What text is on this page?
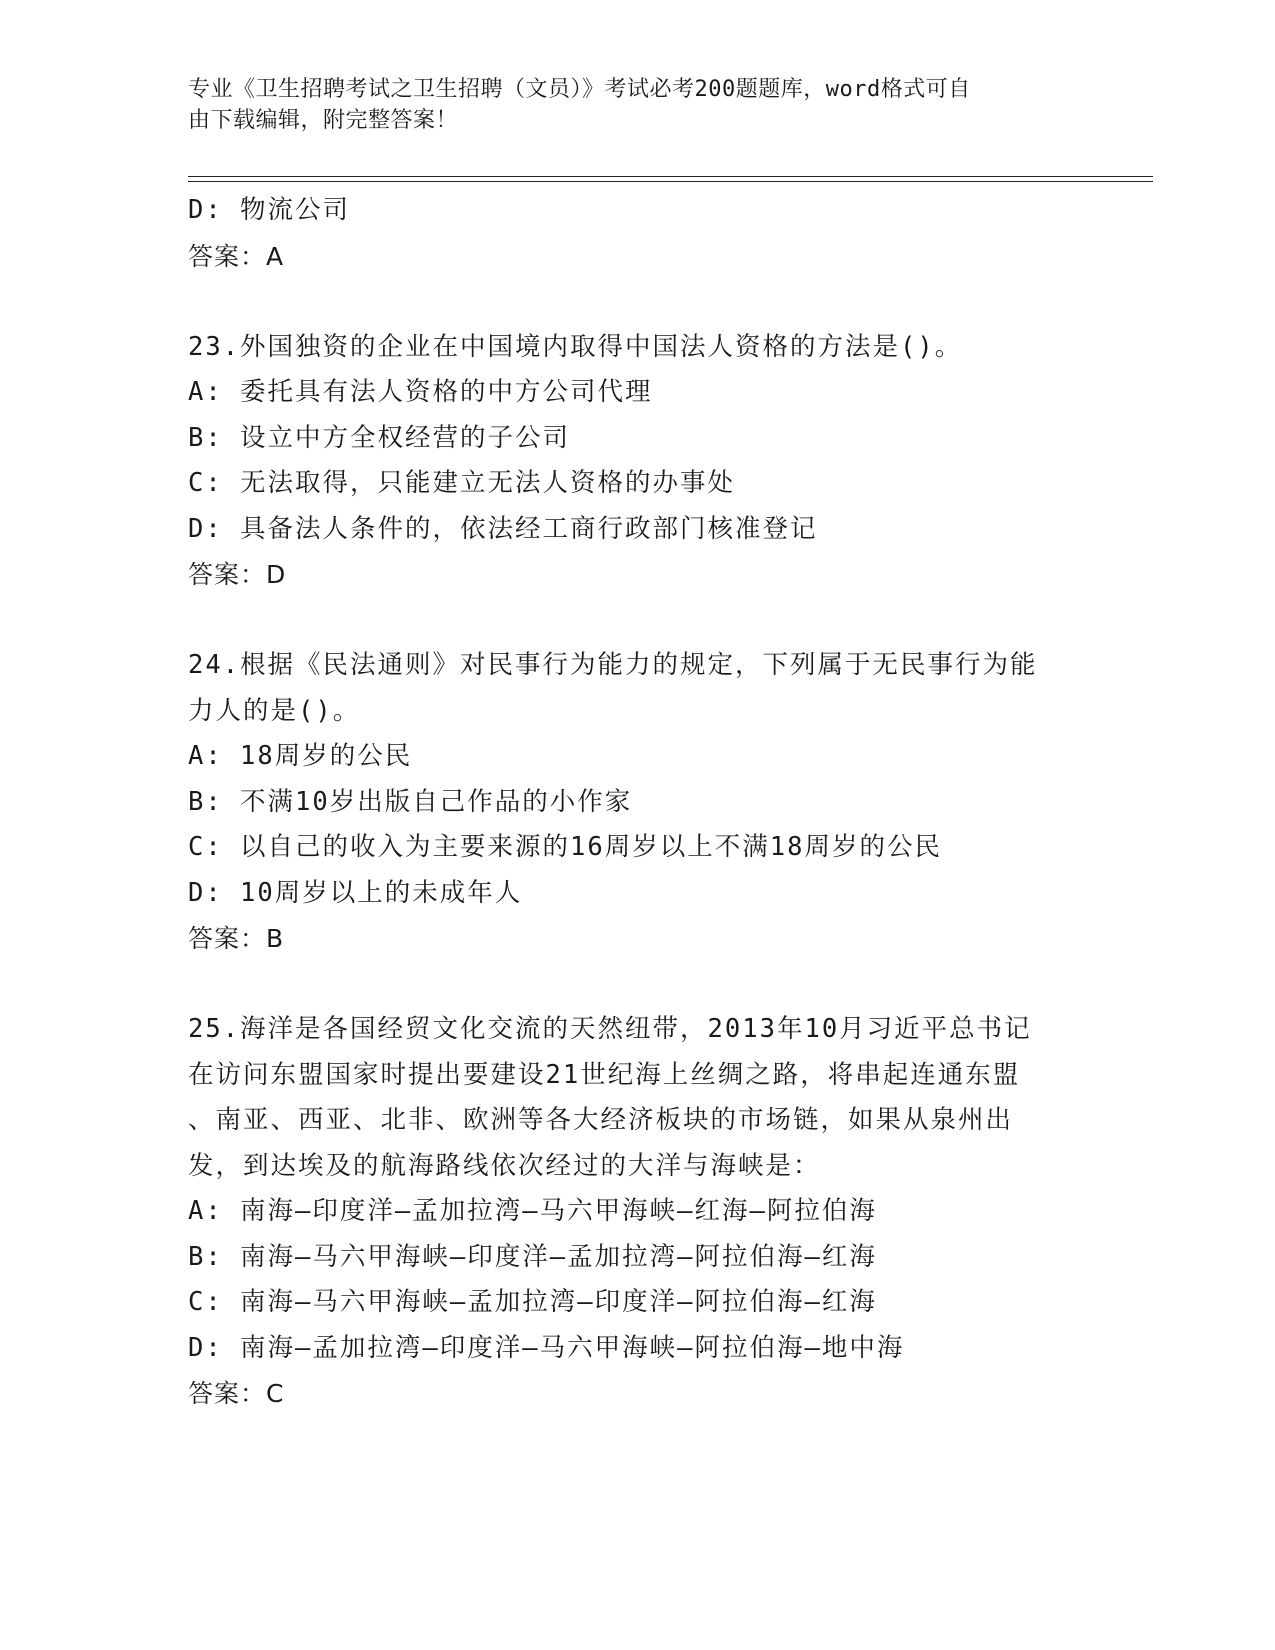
专业《卫生招聘考试之卫生招聘（文员）》考试必考200题题库，word格式可自
由下载编辑，附完整答案！
D: 物流公司
答案：A
23.外国独资的企业在中国境内取得中国法人资格的方法是()。
A: 委托具有法人资格的中方公司代理
B: 设立中方全权经营的子公司
C: 无法取得，只能建立无法人资格的办事处
D: 具备法人条件的，依法经工商行政部门核准登记
答案：D
24.根据《民法通则》对民事行为能力的规定，下列属于无民事行为能
力人的是()。
A: 18周岁的公民
B: 不满10岁出版自己作品的小作家
C: 以自己的收入为主要来源的16周岁以上不满18周岁的公民
D: 10周岁以上的未成年人
答案：B
25.海洋是各国经贸文化交流的天然纽带，2013年10月习近平总书记
在访问东盟国家时提出要建设21世纪海上丝绸之路，将串起连通东盟
、南亚、西亚、北非、欧洲等各大经济板块的市场链，如果从泉州出
发，到达埃及的航海路线依次经过的大洋与海峡是：
A: 南海—印度洋—孟加拉湾—马六甲海峡—红海—阿拉伯海
B: 南海—马六甲海峡—印度洋—孟加拉湾—阿拉伯海—红海
C: 南海—马六甲海峡—孟加拉湾—印度洋—阿拉伯海—红海
D: 南海—孟加拉湾—印度洋—马六甲海峡—阿拉伯海—地中海
答案：C
